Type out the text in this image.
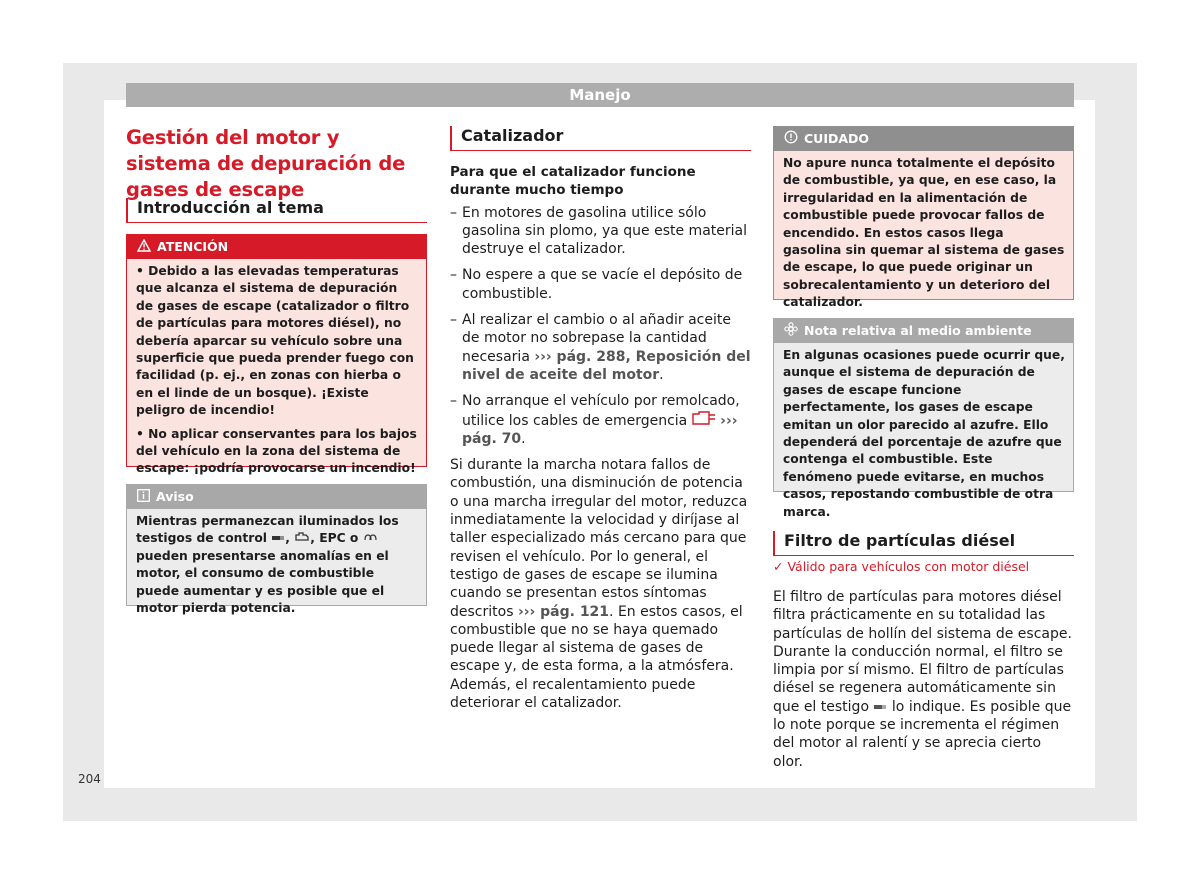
Manejo
Gestión del motor y sistema de depuración de gases de escape
Introducción al tema
ATENCIÓN

• Debido a las elevadas temperaturas que alcanza el sistema de depuración de gases de escape (catalizador o filtro de partículas para motores diésel), no debería aparcar su vehículo sobre una superficie que pueda prender fuego con facilidad (p. ej., en zonas con hierba o en el linde de un bosque). ¡Existe peligro de incendio!

• No aplicar conservantes para los bajos del vehículo en la zona del sistema de escape: ¡podría provocarse un incendio!

Aviso

Mientras permanezcan iluminados los testigos de control , , EPC o  pueden presentarse anomalías en el motor, el consumo de combustible puede aumentar y es posible que el motor pierda potencia.

Catalizador

Para que el catalizador funcione durante mucho tiempo

– En motores de gasolina utilice sólo gasolina sin plomo, ya que este material destruye el catalizador.
– No espere a que se vacíe el depósito de combustible.
– Al realizar el cambio o al añadir aceite de motor no sobrepase la cantidad necesaria ››› pág. 288, Reposición del nivel de aceite del motor.
– No arranque el vehículo por remolcado, utilice los cables de emergencia ››› pág. 70.

Si durante la marcha notara fallos de combustión, una disminución de potencia o una marcha irregular del motor, reduzca inmediatamente la velocidad y diríjase al taller especializado más cercano para que revisen el vehículo. Por lo general, el testigo de gases de escape se ilumina cuando se presentan estos síntomas descritos ››› pág. 121. En estos casos, el combustible que no se haya quemado puede llegar al sistema de gases de escape y, de esta forma, a la atmósfera. Además, el recalentamiento puede deteriorar el catalizador.

CUIDADO

No apure nunca totalmente el depósito de combustible, ya que, en ese caso, la irregularidad en la alimentación de combustible puede provocar fallos de encendido. En estos casos llega gasolina sin quemar al sistema de gases de escape, lo que puede originar un sobrecalentamiento y un deterioro del catalizador.

Nota relativa al medio ambiente

En algunas ocasiones puede ocurrir que, aunque el sistema de depuración de gases de escape funcione perfectamente, los gases de escape emitan un olor parecido al azufre. Ello dependerá del porcentaje de azufre que contenga el combustible. Este fenómeno puede evitarse, en muchos casos, repostando combustible de otra marca.

Filtro de partículas diésel
✓ Válido para vehículos con motor diésel

El filtro de partículas para motores diésel filtra prácticamente en su totalidad las partículas de hollín del sistema de escape. Durante la conducción normal, el filtro se limpia por sí mismo. El filtro de partículas diésel se regenera automáticamente sin que el testigo lo indique. Es posible que lo note porque se incrementa el régimen del motor al ralentí y se aprecia cierto olor.

204
